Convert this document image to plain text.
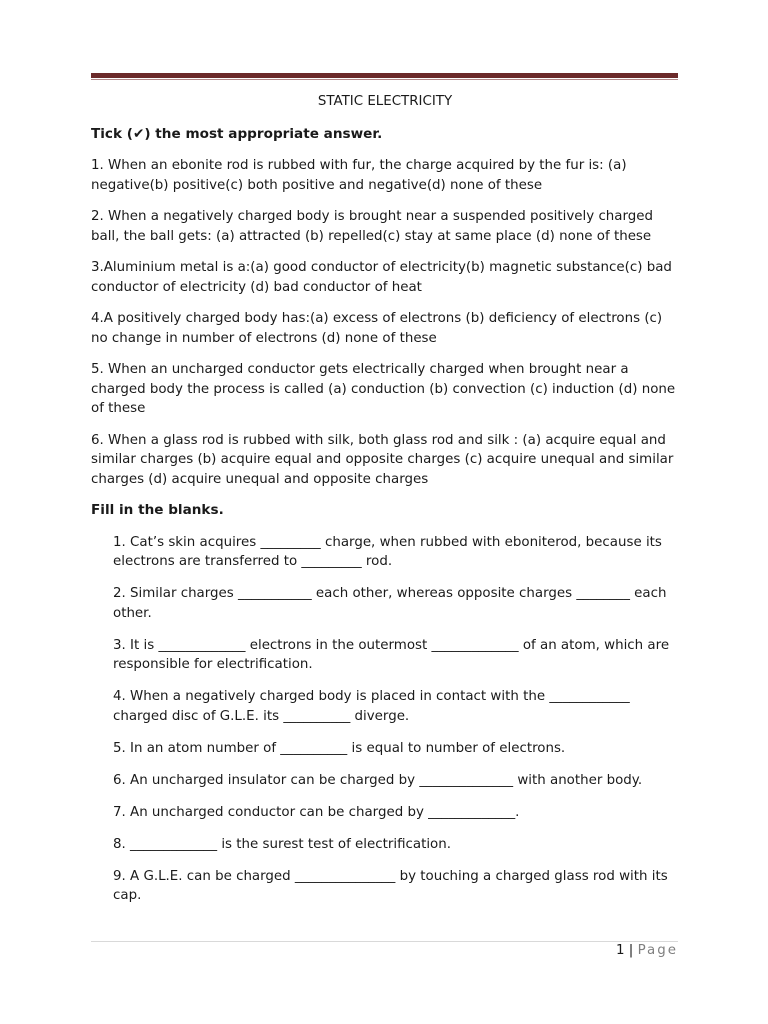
STATIC ELECTRICITY
Tick (✔) the most appropriate answer.
1. When an ebonite rod is rubbed with fur, the charge acquired by the fur is: (a) negative(b) positive(c) both positive and negative(d) none of these
2. When a negatively charged body is brought near a suspended positively charged ball, the ball gets: (a) attracted (b) repelled(c) stay at same place (d) none of these
3.Aluminium metal is a:(a) good conductor of electricity(b) magnetic substance(c) bad conductor of electricity (d) bad conductor of heat
4.A positively charged body has:(a) excess of electrons (b) deficiency of electrons (c) no change in number of electrons (d) none of these
5. When an uncharged conductor gets electrically charged when brought near a charged body the process is called (a) conduction (b) convection (c) induction (d) none of these
6. When a glass rod is rubbed with silk, both glass rod and silk : (a) acquire equal and similar charges (b) acquire equal and opposite charges (c) acquire unequal and similar charges (d) acquire unequal and opposite charges
Fill in the blanks.
1. Cat’s skin acquires _________ charge, when rubbed with eboniterod, because its electrons are transferred to _________ rod.
2. Similar charges ___________ each other, whereas opposite charges ________ each other.
3. It is _____________ electrons in the outermost _____________ of an atom, which are responsible for electrification.
4. When a negatively charged body is placed in contact with the ____________ charged disc of G.L.E. its __________ diverge.
5. In an atom number of __________ is equal to number of electrons.
6. An uncharged insulator can be charged by ______________ with another body.
7. An uncharged conductor can be charged by _____________.
8. _____________ is the surest test of electrification.
9. A G.L.E. can be charged _______________ by touching a charged glass rod with its cap.
1 | Page
